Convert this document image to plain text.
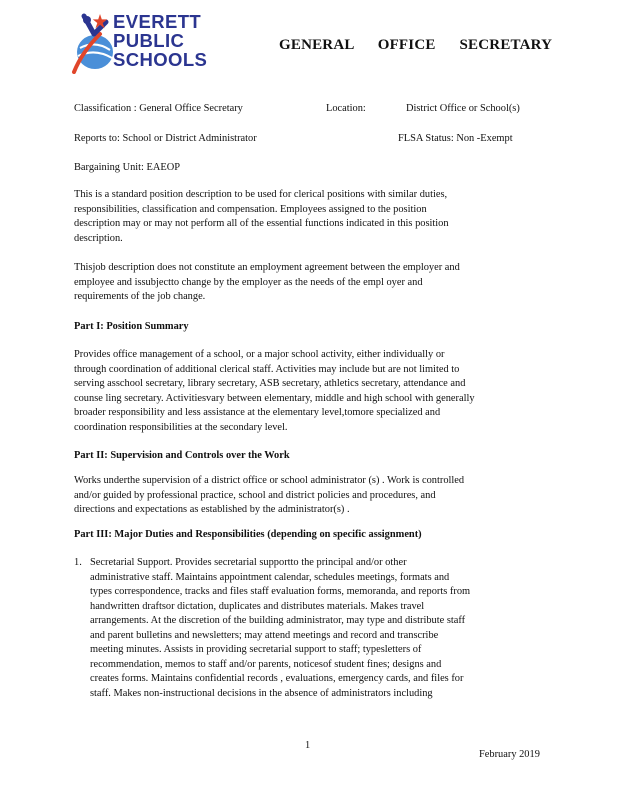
EVERETT
PUBLIC
SCHOOLS
GENERAL OFFICE SECRETARY
Classification : General Office Secretary	Location:	District Office or School(s)
Reports to: School or District Administrator	FLSA Status: Non -Exempt
Bargaining Unit: EAEOP
This is a standard position description to be used for clerical positions with similar duties,
responsibilities, classification and compensation. Employees assigned to the position
description may or may not perform all of the essential functions indicated in this position
description.
Thisjob description does not constitute an employment agreement between the employer and
employee and issubjectto change by the employer as the needs of the empl oyer and
requirements of the job change.
Part I: Position Summary
Provides office management of a school, or a major school activity, either individually or
through coordination of additional clerical staff. Activities may include but are not limited to
serving asschool secretary, library secretary, ASB secretary, athletics secretary, attendance and
counse ling secretary. Activitiesvary between elementary, middle and high school with generally
broader responsibility and less assistance at the elementary level,tomore specialized and
coordination responsibilities at the secondary level.
Part II: Supervision and Controls over the Work
Works underthe supervision of a district office or school administrator (s) . Work is controlled
and/or guided by professional practice, school and district policies and procedures, and
directions and expectations as established by the administrator(s) .
Part III: Major Duties and Responsibilities (depending on specific assignment)
1. Secretarial Support. Provides secretarial supportto the principal and/or other
administrative staff. Maintains appointment calendar, schedules meetings, formats and
types correspondence, tracks and files staff evaluation forms, memoranda, and reports from
handwritten draftsor dictation, duplicates and distributes materials. Makes travel
arrangements. At the discretion of the building administrator, may type and distribute staff
and parent bulletins and newsletters; may attend meetings and record and transcribe
meeting minutes. Assists in providing secretarial support to staff; typesletters of
recommendation, memos to staff and/or parents, noticesof student fines; designs and
creates forms. Maintains confidential records , evaluations, emergency cards, and files for
staff. Makes non-instructional decisions in the absence of administrators including
1
February 2019
